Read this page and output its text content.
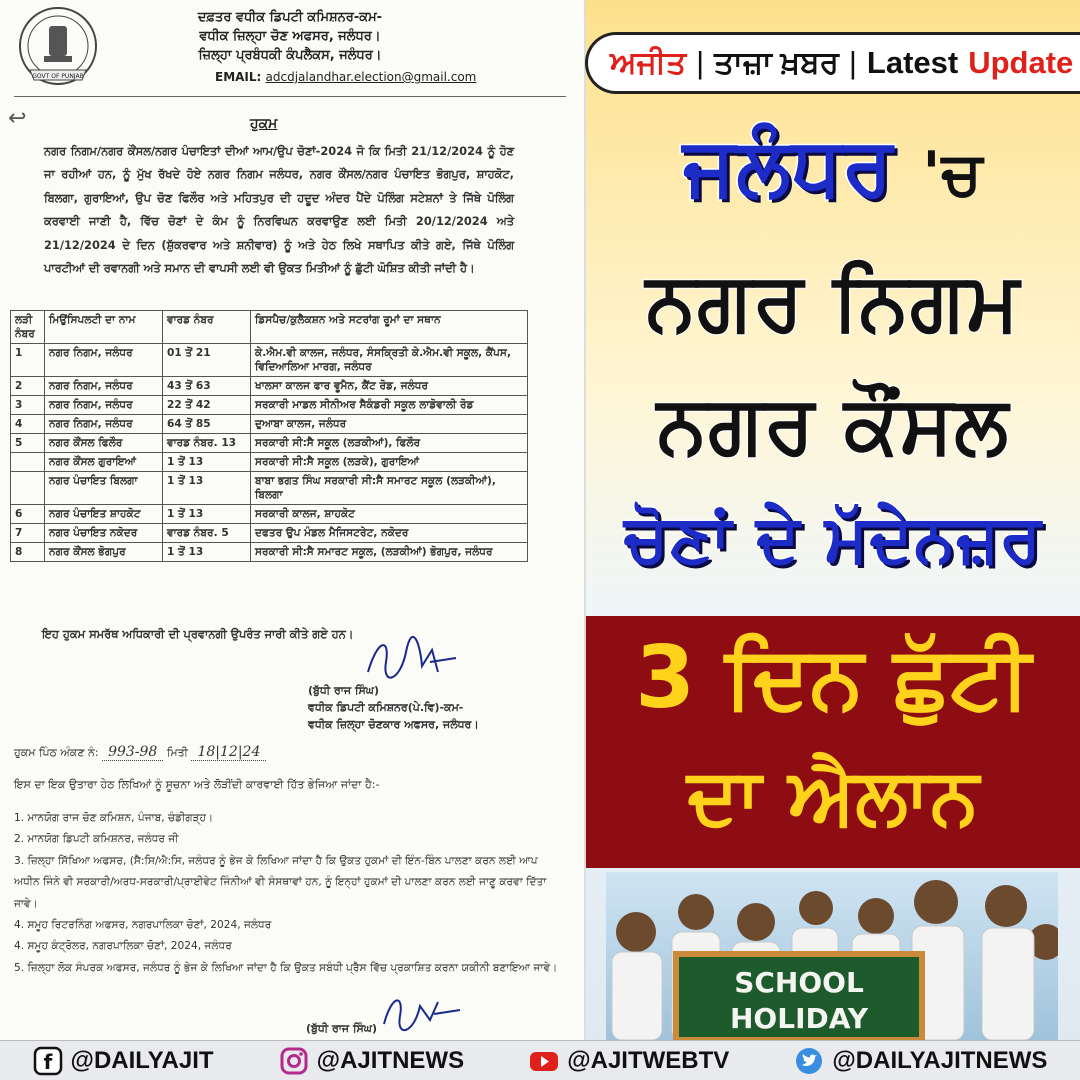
GOVT OF PUNJAB
ਦਫ਼ਤਰ ਵਧੀਕ ਡਿਪਟੀ ਕਮਿਸ਼ਨਰ-ਕਮ-
ਵਧੀਕ ਜ਼ਿਲ੍ਹਾ ਚੋਣ ਅਫਸਰ, ਜਲੰਧਰ।
ਜ਼ਿਲ੍ਹਾ ਪ੍ਰਬੰਧਕੀ ਕੰਪਲੈਕਸ, ਜਲੰਧਰ।
EMAIL: adcdjalandhar.election@gmail.com
↩	ਹੁਕਮ
ਨਗਰ ਨਿਗਮ/ਨਗਰ ਕੌਂਸਲ/ਨਗਰ ਪੰਚਾਇਤਾਂ ਦੀਆਂ ਆਮ/ਉਪ ਚੋਣਾਂ-2024 ਜੋ ਕਿ ਮਿਤੀ 21/12/2024 ਨੂੰ ਹੋਣ ਜਾ ਰਹੀਆਂ ਹਨ, ਨੂੰ ਮੁੱਖ ਰੱਖਦੇ ਹੋਏ ਨਗਰ ਨਿਗਮ ਜਲੰਧਰ, ਨਗਰ ਕੌਂਸਲ/ਨਗਰ ਪੰਚਾਇਤ ਭੋਗਪੁਰ, ਸ਼ਾਹਕੋਟ, ਬਿਲਗਾ, ਗੁਰਾਇਆਂ, ਉਪ ਚੋਣ ਫਿਲੌਰ ਅਤੇ ਮਹਿਤਪੁਰ ਦੀ ਹਦੂਦ ਅੰਦਰ ਪੈਂਦੇ ਪੋਲਿੰਗ ਸਟੇਸ਼ਨਾਂ ਤੇ ਜਿੱਥੇ ਪੋਲਿੰਗ ਕਰਵਾਈ ਜਾਣੀ ਹੈ, ਵਿੱਚ ਚੋਣਾਂ ਦੇ ਕੰਮ ਨੂੰ ਨਿਰਵਿਘਨ ਕਰਵਾਉਣ ਲਈ ਮਿਤੀ 20/12/2024 ਅਤੇ 21/12/2024 ਦੇ ਦਿਨ (ਸ਼ੁੱਕਰਵਾਰ ਅਤੇ ਸ਼ਨੀਵਾਰ) ਨੂੰ ਅਤੇ ਹੇਠ ਲਿਖੇ ਸਥਾਪਿਤ ਕੀਤੇ ਗਏ, ਜਿੱਥੇ ਪੋਲਿੰਗ ਪਾਰਟੀਆਂ ਦੀ ਰਵਾਨਗੀ ਅਤੇ ਸਮਾਨ ਦੀ ਵਾਪਸੀ ਲਈ ਵੀ ਉਕਤ ਮਿਤੀਆਂ ਨੂੰ ਛੁੱਟੀ ਘੋਸ਼ਿਤ ਕੀਤੀ ਜਾਂਦੀ ਹੈ।
ਲੜੀ ਨੰਬਰ	ਮਿਉਂਸਿਪਲਟੀ ਦਾ ਨਾਮ	ਵਾਰਡ ਨੰਬਰ	ਡਿਸਪੈਚ/ਕੁਲੈਕਸ਼ਨ ਅਤੇ ਸਟਰਾਂਗ ਰੂਮਾਂ ਦਾ ਸਥਾਨ
1	ਨਗਰ ਨਿਗਮ, ਜਲੰਧਰ	01 ਤੋਂ 21	ਕੇ.ਐਮ.ਵੀ ਕਾਲਜ, ਜਲੰਧਰ, ਸੰਸਕ੍ਰਿਤੀ ਕੇ.ਐਮ.ਵੀ ਸਕੂਲ, ਕੈਂਪਸ, ਵਿਦਿਆਲਿਆ ਮਾਰਗ, ਜਲੰਧਰ
2	ਨਗਰ ਨਿਗਮ, ਜਲੰਧਰ	43 ਤੋਂ 63	ਖਾਲਸਾ ਕਾਲਜ ਫਾਰ ਵੂਮੈਨ, ਕੈਂਟ ਰੋਡ, ਜਲੰਧਰ
3	ਨਗਰ ਨਿਗਮ, ਜਲੰਧਰ	22 ਤੋਂ 42	ਸਰਕਾਰੀ ਮਾਡਲ ਸੀਨੀਅਰ ਸੈਕੰਡਰੀ ਸਕੂਲ ਲਾਡੋਵਾਲੀ ਰੋਡ
4	ਨਗਰ ਨਿਗਮ, ਜਲੰਧਰ	64 ਤੋਂ 85	ਦੁਆਬਾ ਕਾਲਜ, ਜਲੰਧਰ
5	ਨਗਰ ਕੌਂਸਲ ਫਿਲੌਰ	ਵਾਰਡ ਨੰਬਰ. 13	ਸਰਕਾਰੀ ਸੀ:ਸੈ ਸਕੂਲ (ਲੜਕੀਆਂ), ਫਿਲੌਰ
	ਨਗਰ ਕੌਂਸਲ ਗੁਰਾਇਆਂ	1 ਤੋਂ 13	ਸਰਕਾਰੀ ਸੀ:ਸੈ ਸਕੂਲ (ਲੜਕੇ), ਗੁਰਾਇਆਂ
	ਨਗਰ ਪੰਚਾਇਤ ਬਿਲਗਾ	1 ਤੋਂ 13	ਬਾਬਾ ਭਗਤ ਸਿੰਘ ਸਰਕਾਰੀ ਸੀ:ਸੈ ਸਮਾਰਟ ਸਕੂਲ (ਲੜਕੀਆਂ), ਬਿਲਗਾ
6	ਨਗਰ ਪੰਚਾਇਤ ਸ਼ਾਹਕੋਟ	1 ਤੋਂ 13	ਸਰਕਾਰੀ ਕਾਲਜ, ਸ਼ਾਹਕੋਟ
7	ਨਗਰ ਪੰਚਾਇਤ ਨਕੋਦਰ	ਵਾਰਡ ਨੰਬਰ. 5	ਦਫਤਰ ਉਪ ਮੰਡਲ ਮੈਜਿਸਟਰੇਟ, ਨਕੋਦਰ
8	ਨਗਰ ਕੌਂਸਲ ਭੋਗਪੁਰ	1 ਤੋਂ 13	ਸਰਕਾਰੀ ਸੀ:ਸੈ ਸਮਾਰਟ ਸਕੂਲ, (ਲੜਕੀਆਂ) ਭੋਗਪੁਰ, ਜਲੰਧਰ
ਇਹ ਹੁਕਮ ਸਮਰੱਥ ਅਧਿਕਾਰੀ ਦੀ ਪ੍ਰਵਾਨਗੀ ਉਪਰੰਤ ਜਾਰੀ ਕੀਤੇ ਗਏ ਹਨ।
(ਬੁੱਧੀ ਰਾਜ ਸਿੰਘ)
ਵਧੀਕ ਡਿਪਟੀ ਕਮਿਸ਼ਨਰ(ਪੇ.ਵਿ)-ਕਮ-
ਵਧੀਕ ਜ਼ਿਲ੍ਹਾ ਚੋਣਕਾਰ ਅਫਸਰ, ਜਲੰਧਰ।
ਹੁਕਮ ਪਿੰਠ ਅੰਕਣ ਨੰ: 993-98 ਮਿਤੀ 18|12|24
ਇਸ ਦਾ ਇਕ ਉਤਾਰਾ ਹੇਠ ਲਿਖਿਆਂ ਨੂੰ ਸੂਚਨਾ ਅਤੇ ਲੋੜੀਂਦੀ ਕਾਰਵਾਈ ਹਿੱਤ ਭੇਜਿਆ ਜਾਂਦਾ ਹੈ:-
1. ਮਾਨਯੋਗ ਰਾਜ ਚੋਣ ਕਮਿਸ਼ਨ, ਪੰਜਾਬ, ਚੰਡੀਗੜ੍ਹ।
2. ਮਾਨਯੋਗ ਡਿਪਟੀ ਕਮਿਸ਼ਨਰ, ਜਲੰਧਰ ਜੀ
3. ਜ਼ਿਲ੍ਹਾ ਸਿੱਖਿਆ ਅਫਸਰ, (ਸੈ:ਸਿ/ਐ:ਸਿ, ਜਲੰਧਰ ਨੂੰ ਭੇਜ ਕੇ ਲਿਖਿਆ ਜਾਂਦਾ ਹੈ ਕਿ ਉਕਤ ਹੁਕਮਾਂ ਦੀ ਇੰਨ-ਬਿੰਨ ਪਾਲਣਾ ਕਰਨ ਲਈ ਆਪ ਅਧੀਨ ਜਿੰਨੇ ਵੀ ਸਰਕਾਰੀ/ਅਰਧ-ਸਰਕਾਰੀ/ਪ੍ਰਾਈਵੇਟ ਜਿੰਨੀਆਂ ਵੀ ਸੰਸਥਾਵਾਂ ਹਨ, ਨੂੰ ਇਨ੍ਹਾਂ ਹੁਕਮਾਂ ਦੀ ਪਾਲਣਾ ਕਰਨ ਲਈ ਜਾਣੂ ਕਰਵਾ ਦਿੱਤਾ ਜਾਵੇ।
4. ਸਮੂਹ ਰਿਟਰਨਿੰਗ ਅਫਸਰ, ਨਗਰਪਾਲਿਕਾ ਚੋਣਾਂ, 2024, ਜਲੰਧਰ
4. ਸਮੂਹ ਕੰਟ੍ਰੋਲਰ, ਨਗਰਪਾਲਿਕਾ ਚੋਣਾਂ, 2024, ਜਲੰਧਰ
5. ਜ਼ਿਲ੍ਹਾ ਲੋਕ ਸੰਪਰਕ ਅਫਸਰ, ਜਲੰਧਰ ਨੂੰ ਭੇਜ ਕੇ ਲਿਖਿਆ ਜਾਂਦਾ ਹੈ ਕਿ ਉਕਤ ਸਬੰਧੀ ਪ੍ਰੈਸ ਵਿੱਚ ਪ੍ਰਕਾਸ਼ਿਤ ਕਰਨਾ ਯਕੀਨੀ ਬਣਾਇਆ ਜਾਵੇ।
(ਬੁੱਧੀ ਰਾਜ ਸਿੰਘ)
ਅਜੀਤ | ਤਾਜ਼ਾ ਖ਼ਬਰ | Latest Update
ਜਲੰਧਰ 'ਚ
ਨਗਰ ਨਿਗਮ
ਨਗਰ ਕੌਂਸਲ
ਚੋਣਾਂ ਦੇ ਮੱਦੇਨਜ਼ਰ
3 ਦਿਨ ਛੁੱਟੀ
ਦਾ ਐਲਾਨ
SCHOOL
HOLIDAY
f @DAILYAJIT	@AJITNEWS	@AJITWEBTV	@DAILYAJITNEWS
